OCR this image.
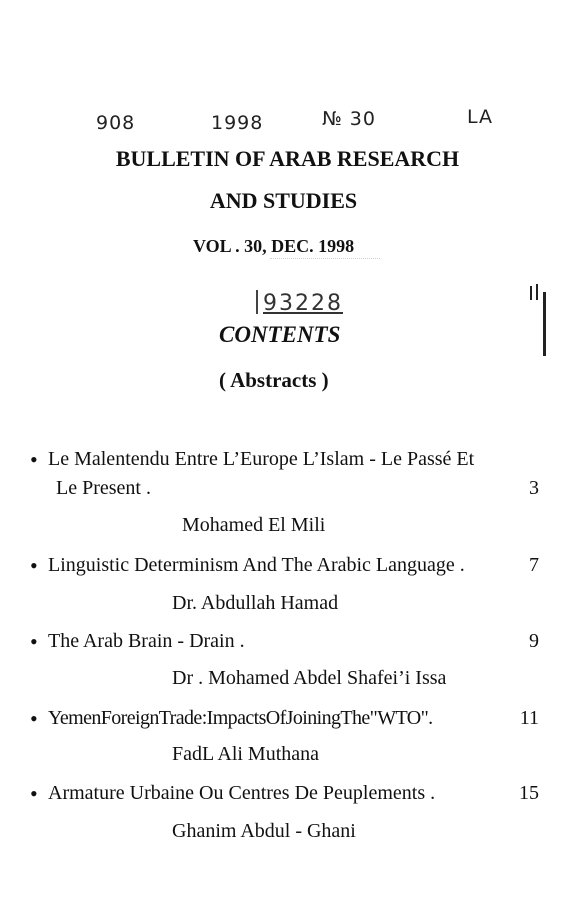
908	1998	№ 30	LA
BULLETIN OF ARAB RESEARCH
AND STUDIES
VOL . 30, DEC. 1998
93228
CONTENTS
( Abstracts )
• Le Malentendu Entre L’Europe L’Islam - Le Passé Et
Le Present .	3
Mohamed El Mili
• Linguistic Determinism And The Arabic Language .	7
Dr. Abdullah Hamad
• The Arab Brain - Drain .	9
Dr . Mohamed Abdel Shafei’i Issa
• YemenForeignTrade:ImpactsOfJoiningThe"WTO".	11
FadL Ali Muthana
• Armature Urbaine Ou Centres De Peuplements .	15
Ghanim Abdul - Ghani
